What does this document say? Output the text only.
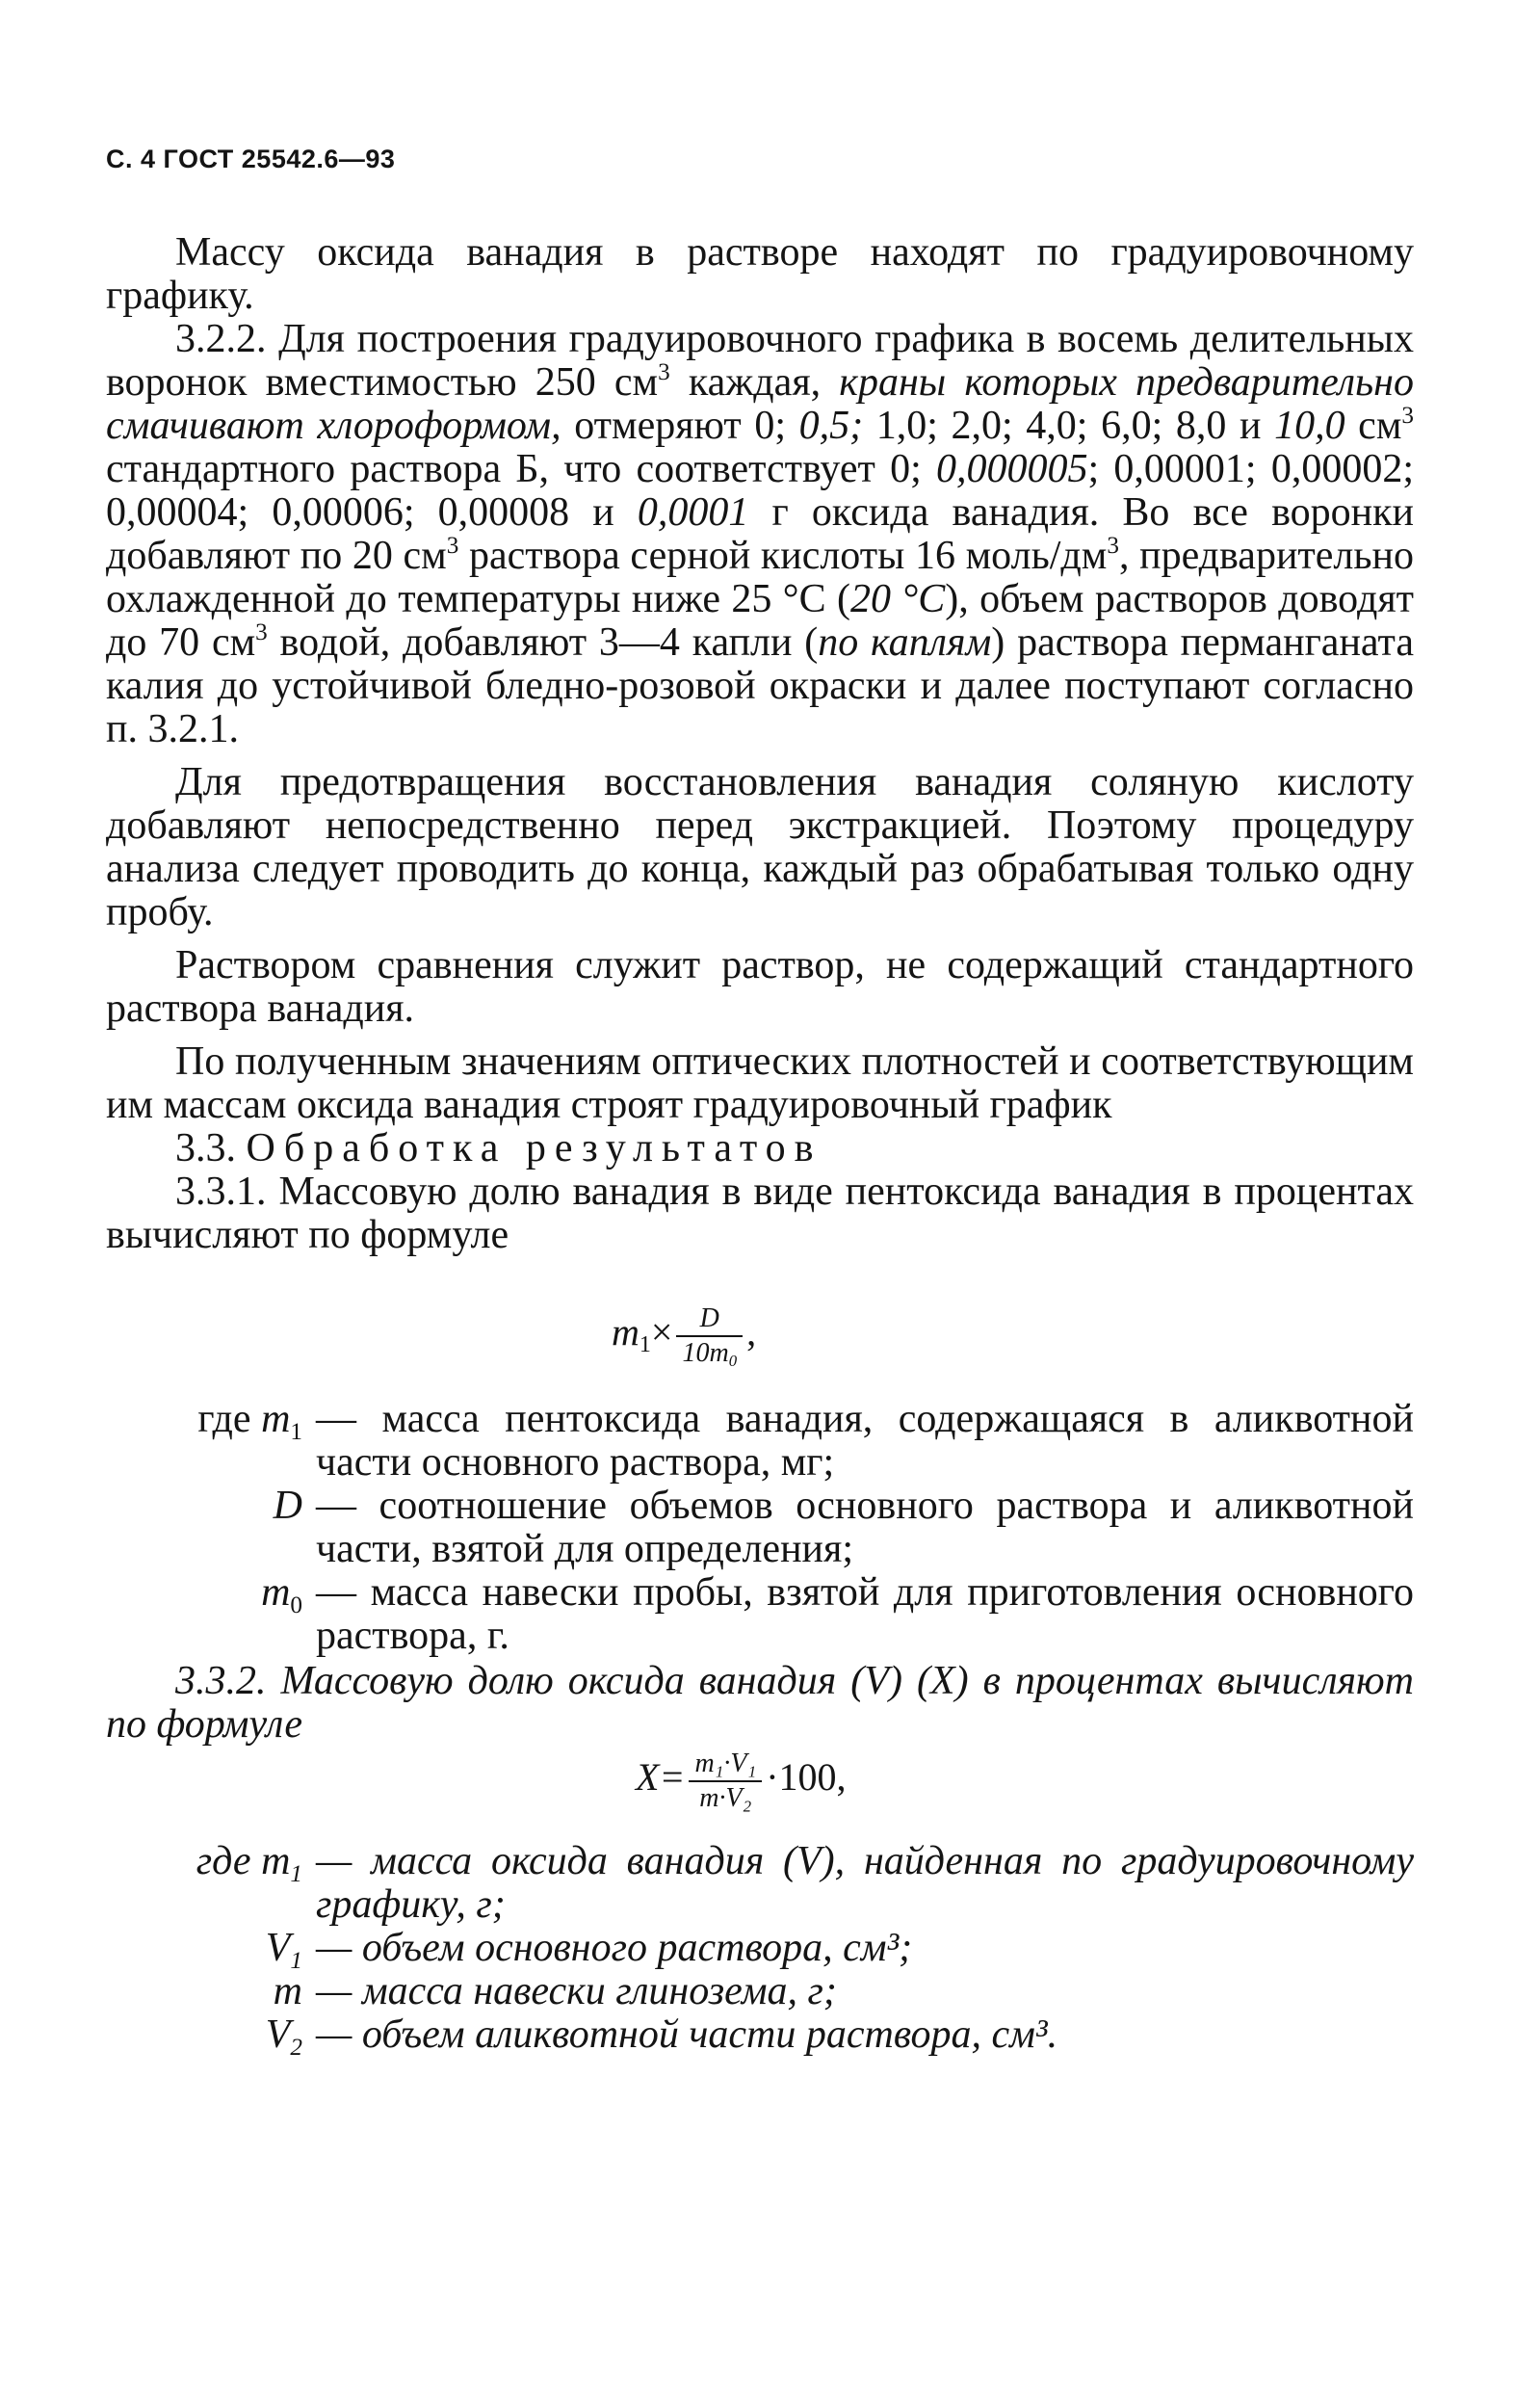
С. 4 ГОСТ 25542.6—93

Массу оксида ванадия в растворе находят по градуировочному графику.

3.2.2. Для построения градуировочного графика в восемь делительных воронок вместимостью 250 $см^3$ каждая, краны которых предварительно смачивают хлороформом, отмеряют 0; 0,5; 1,0; 2,0; 4,0; 6,0; 8,0 и 10,0 $см^3$ стандартного раствора Б, что соответствует 0; 0,000005; 0,00001; 0,00002; 0,00004; 0,00006; 0,00008 и 0,0001 г оксида ванадия. Во все воронки добавляют по 20 $см^3$ раствора серной кислоты 16 моль/$дм^3$, предварительно охлажденной до температуры ниже 25 °С (20 °С), объем растворов доводят до 70 $см^3$ водой, добавляют 3—4 капли (по каплям) раствора перманганата калия до устойчивой бледно-розовой окраски и далее поступают согласно п. 3.2.1.

Для предотвращения восстановления ванадия соляную кислоту добавляют непосредственно перед экстракцией. Поэтому процедуру анализа следует проводить до конца, каждый раз обрабатывая только одну пробу.

Раствором сравнения служит раствор, не содержащий стандартного раствора ванадия.

По полученным значениям оптических плотностей и соответствующим им массам оксида ванадия строят градуировочный график

3.3. Обработка результатов

3.3.1. Массовую долю ванадия в виде пентоксида ванадия в процентах вычисляют по формуле

$m_1\times \frac{D}{10m_0}$ ,
где $m_1$ — масса пентоксида ванадия, содержащаяся в аликвотной части основного раствора, мг;
D — соотношение объемов основного раствора и аликвотной части, взятой для определения;
$m_0$ — масса навески пробы, взятой для приготовления основного раствора, г.

3.3.2. Массовую долю оксида ванадия (V) (X) в процентах вычисляют по формуле

$X= \frac{\text{m₁·V₁}}{\text{m·V₂}} \cdot 100$,
где $m_1$ — масса оксида ванадия (V), найденная по градуировочному графику, г;
$V_1$ — объем основного раствора, см³;
m — масса навески глинозема, г;
$V_2$ — объем аликвотной части раствора, см³.
